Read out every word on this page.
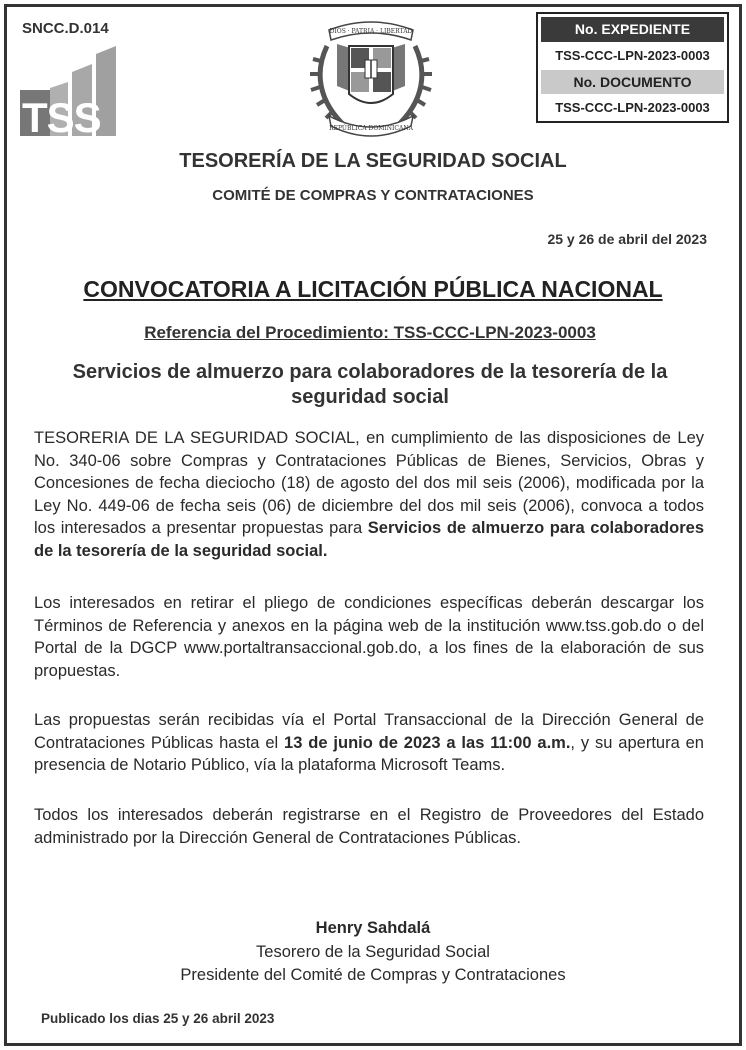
SNCC.D.014
TSS
DIOS · PATRIA · LIBERTAD
REPÚBLICA DOMINICANA
No. EXPEDIENTE
TSS-CCC-LPN-2023-0003
No. DOCUMENTO
TSS-CCC-LPN-2023-0003
TESORERÍA DE LA SEGURIDAD SOCIAL
COMITÉ DE COMPRAS Y CONTRATACIONES
25 y 26 de abril del 2023
CONVOCATORIA A LICITACIÓN PÚBLICA NACIONAL
Referencia del Procedimiento: TSS-CCC-LPN-2023-0003
Servicios de almuerzo para colaboradores de la tesorería de la seguridad social
TESORERIA DE LA SEGURIDAD SOCIAL, en cumplimiento de las disposiciones de Ley No. 340-06 sobre Compras y Contrataciones Públicas de Bienes, Servicios, Obras y Concesiones de fecha dieciocho (18) de agosto del dos mil seis (2006), modificada por la Ley No. 449-06 de fecha seis (06) de diciembre del dos mil seis (2006), convoca a todos los interesados a presentar propuestas para Servicios de almuerzo para colaboradores de la tesorería de la seguridad social.
Los interesados en retirar el pliego de condiciones específicas deberán descargar los Términos de Referencia y anexos en la página web de la institución www.tss.gob.do o del Portal de la DGCP www.portaltransaccional.gob.do, a los fines de la elaboración de sus propuestas.
Las propuestas serán recibidas vía el Portal Transaccional de la Dirección General de Contrataciones Públicas hasta el 13 de junio de 2023 a las 11:00 a.m., y su apertura en presencia de Notario Público, vía la plataforma Microsoft Teams.
Todos los interesados deberán registrarse en el Registro de Proveedores del Estado administrado por la Dirección General de Contrataciones Públicas.
Henry Sahdalá
Tesorero de la Seguridad Social
Presidente del Comité de Compras y Contrataciones
Publicado los dias 25 y 26 abril 2023
